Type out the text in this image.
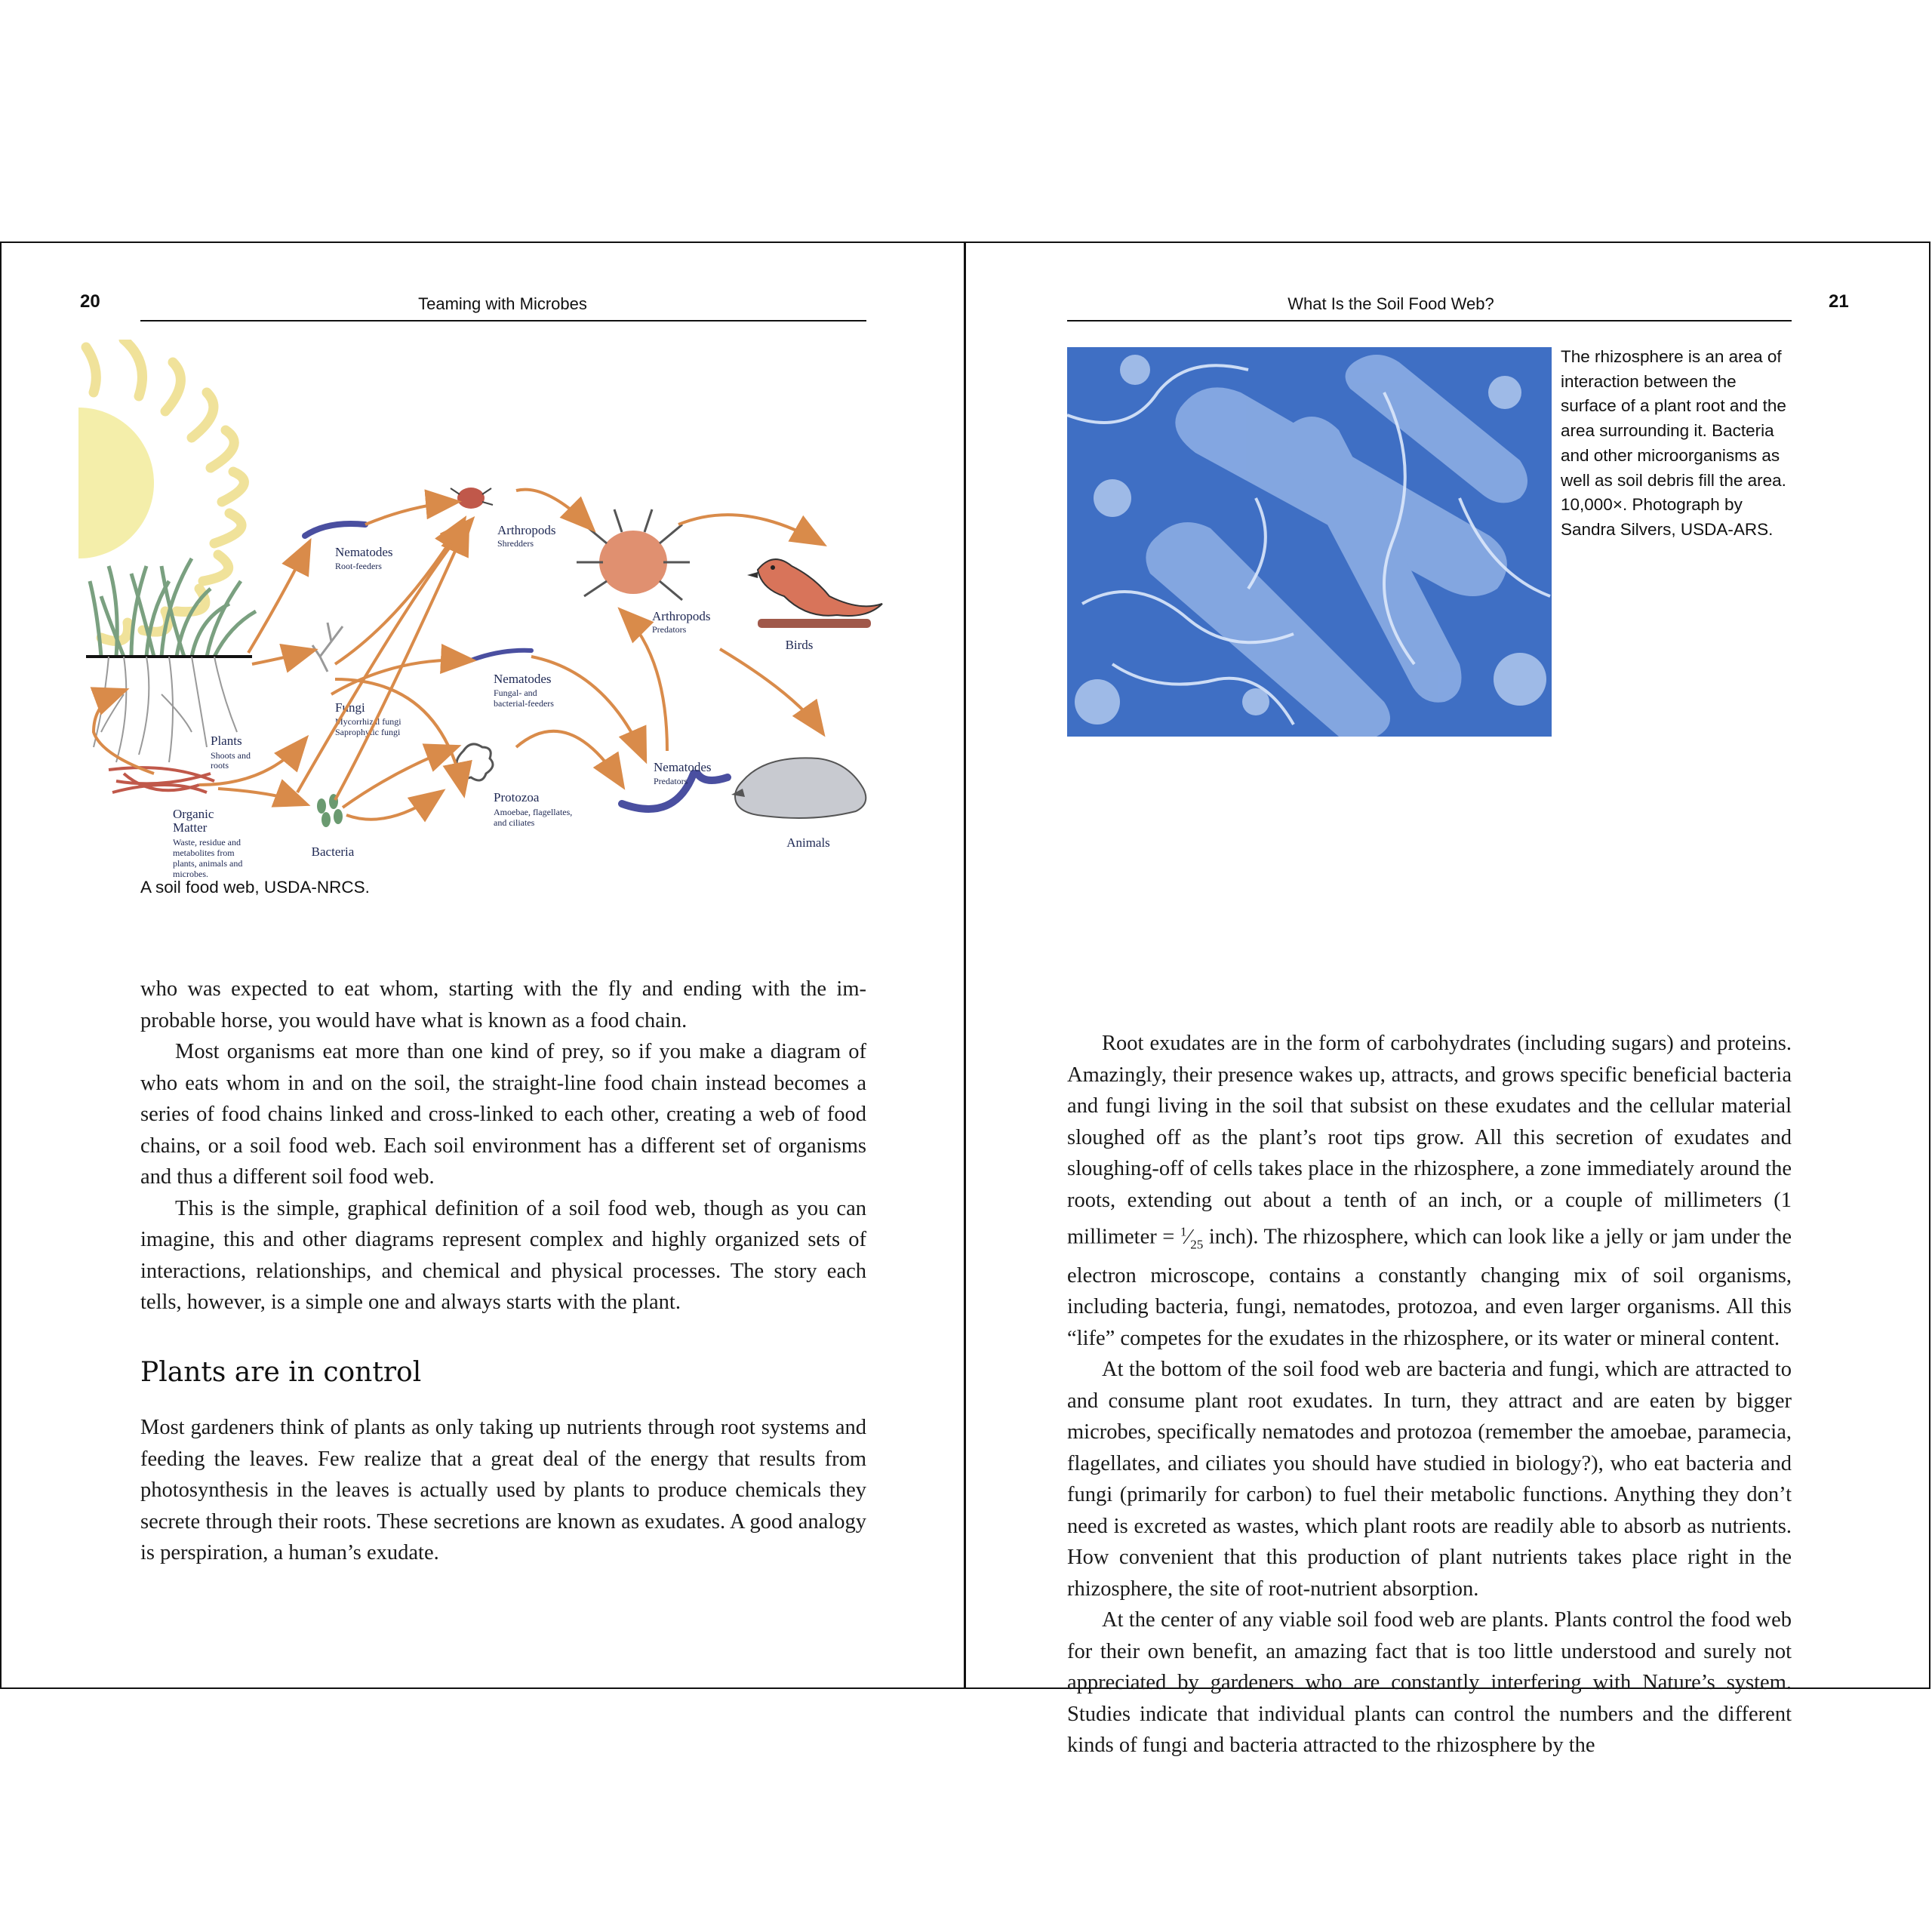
20	Teaming with Microbes
Plants
Shoots and
roots
Organic
Matter
Waste, residue and
metabolites from
plants, animals and
microbes.
Bacteria
Fungi
Mycorrhizal fungi
Saprophytic fungi
Protozoa
Amoebae, flagellates,
and ciliates
Nematodes
Root-feeders
Nematodes
Fungal- and
bacterial-feeders
Nematodes
Predators
Arthropods
Shredders
Arthropods
Predators
Birds
Animals
A soil food web, USDA-NRCS.

who was expected to eat whom, starting with the fly and ending with the improbable horse, you would have what is known as a food chain.

Most organisms eat more than one kind of prey, so if you make a diagram of who eats whom in and on the soil, the straight-line food chain instead becomes a series of food chains linked and cross-linked to each other, creating a web of food chains, or a soil food web. Each soil environment has a different set of organisms and thus a different soil food web.

This is the simple, graphical definition of a soil food web, though as you can imagine, this and other diagrams represent complex and highly organized sets of interactions, relationships, and chemical and physical processes. The story each tells, however, is a simple one and always starts with the plant.

Plants are in control

Most gardeners think of plants as only taking up nutrients through root systems and feeding the leaves. Few realize that a great deal of the energy that results from photosynthesis in the leaves is actually used by plants to produce chemicals they secrete through their roots. These secretions are known as exudates. A good analogy is perspiration, a human’s exudate.

What Is the Soil Food Web?	21
The rhizosphere is an area of interaction between the surface of a plant root and the area surrounding it. Bacteria and other microorganisms as well as soil debris fill the area. 10,000×. Photograph by Sandra Silvers, USDA-ARS.

Root exudates are in the form of carbohydrates (including sugars) and proteins. Amazingly, their presence wakes up, attracts, and grows specific beneficial bacteria and fungi living in the soil that subsist on these exudates and the cellular material sloughed off as the plant’s root tips grow. All this secretion of exudates and sloughing-off of cells takes place in the rhizosphere, a zone immediately around the roots, extending out about a tenth of an inch, or a couple of millimeters (1 millimeter = $^1⁄_{25}$ inch). The rhizosphere, which can look like a jelly or jam under the electron microscope, contains a constantly changing mix of soil organisms, including bacteria, fungi, nematodes, protozoa, and even larger organisms. All this “life” competes for the exudates in the rhizosphere, or its water or mineral content.

At the bottom of the soil food web are bacteria and fungi, which are attracted to and consume plant root exudates. In turn, they attract and are eaten by bigger microbes, specifically nematodes and protozoa (remember the amoebae, paramecia, flagellates, and ciliates you should have studied in biology?), who eat bacteria and fungi (primarily for carbon) to fuel their metabolic functions. Anything they don’t need is excreted as wastes, which plant roots are readily able to absorb as nutrients. How convenient that this production of plant nutrients takes place right in the rhizosphere, the site of root-nutrient absorption.

At the center of any viable soil food web are plants. Plants control the food web for their own benefit, an amazing fact that is too little understood and surely not appreciated by gardeners who are constantly interfering with Nature’s system. Studies indicate that individual plants can control the numbers and the different kinds of fungi and bacteria attracted to the rhizosphere by the
